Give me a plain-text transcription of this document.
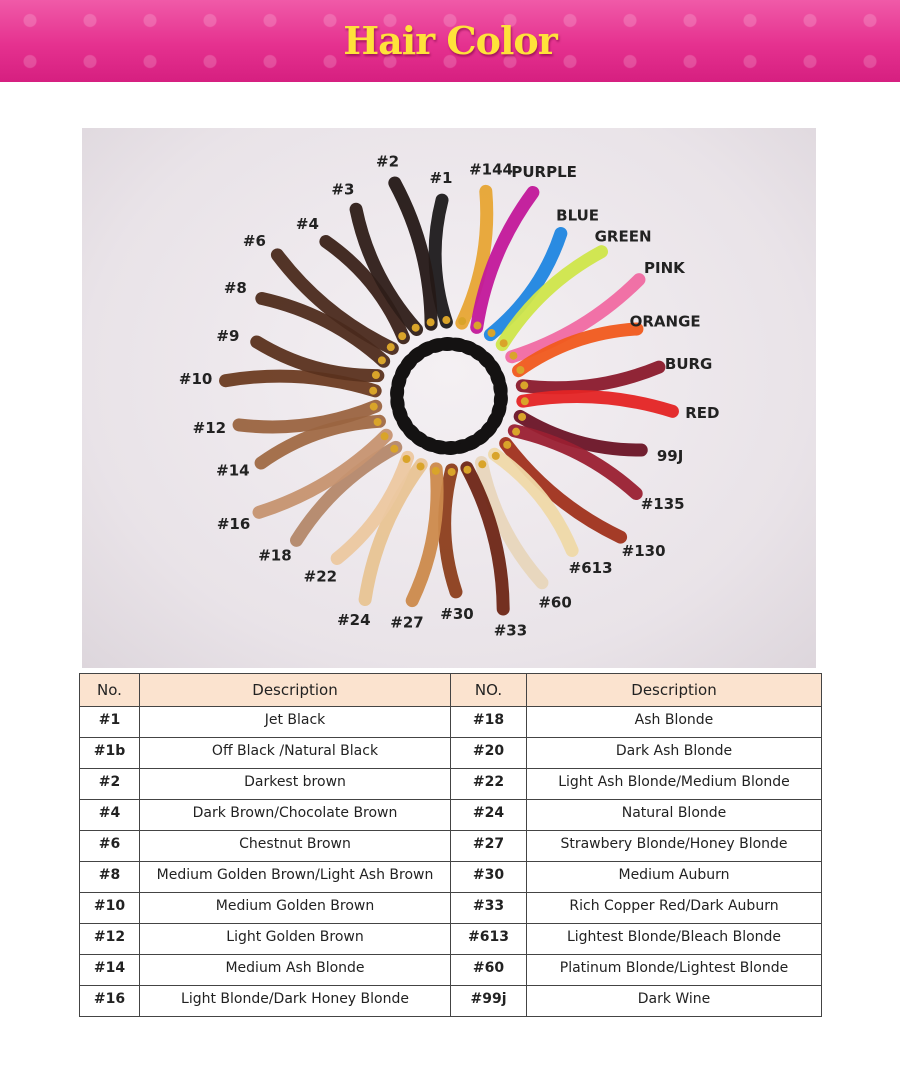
Hair Color
#1 #144
PURPLE
BLUE
GREEN
PINK
ORANGE
BURG
RED
99J
#135
#130
#613
#60
#33
#30
#27
#24
#22
#18
#16
#14
#12
#10
#9
#8
#6
#4
#3
#2
No.	Description	NO.	Description
#1	Jet Black	#18	Ash Blonde
#1b	Off Black /Natural Black	#20	Dark Ash Blonde
#2	Darkest brown	#22	Light Ash Blonde/Medium Blonde
#4	Dark Brown/Chocolate Brown	#24	Natural Blonde
#6	Chestnut Brown	#27	Strawbery Blonde/Honey Blonde
#8	Medium Golden Brown/Light Ash Brown	#30	Medium Auburn
#10	Medium Golden Brown	#33	Rich Copper Red/Dark Auburn
#12	Light Golden Brown	#613	Lightest Blonde/Bleach Blonde
#14	Medium Ash Blonde	#60	Platinum Blonde/Lightest Blonde
#16	Light Blonde/Dark Honey Blonde	#99j	Dark Wine
